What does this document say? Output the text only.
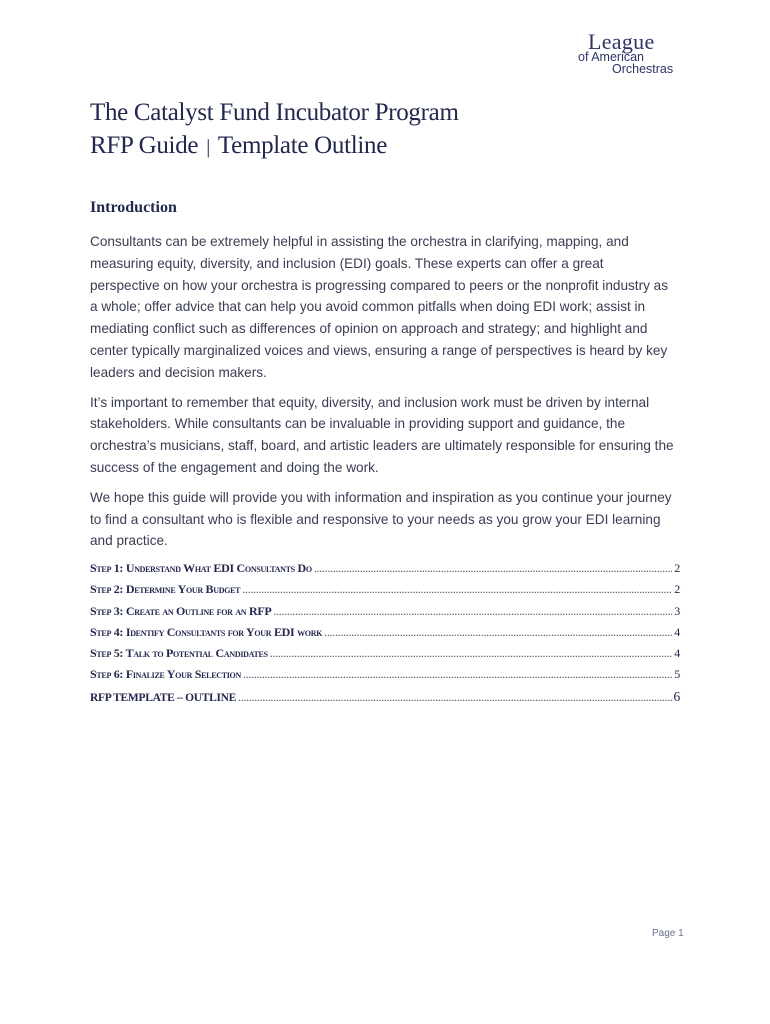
League
of American
Orchestras
The Catalyst Fund Incubator Program
RFP Guide | Template Outline
Introduction

Consultants can be extremely helpful in assisting the orchestra in clarifying, mapping, and measuring equity, diversity, and inclusion (EDI) goals. These experts can offer a great perspective on how your orchestra is progressing compared to peers or the nonprofit industry as a whole; offer advice that can help you avoid common pitfalls when doing EDI work; assist in mediating conflict such as differences of opinion on approach and strategy; and highlight and center typically marginalized voices and views, ensuring a range of perspectives is heard by key leaders and decision makers.

It’s important to remember that equity, diversity, and inclusion work must be driven by internal stakeholders. While consultants can be invaluable in providing support and guidance, the orchestra’s musicians, staff, board, and artistic leaders are ultimately responsible for ensuring the success of the engagement and doing the work.

We hope this guide will provide you with information and inspiration as you continue your journey to find a consultant who is flexible and responsive to your needs as you grow your EDI learning and practice.

Step 1: Understand What EDI Consultants Do .....	2
Step 2: Determine Your Budget .....	2
Step 3: Create an Outline for an RFP .....	3
Step 4: Identify Consultants for Your EDI work .....	4
Step 5: Talk to Potential Candidates .....	4
Step 6: Finalize Your Selection .....	5
RFP TEMPLATE – OUTLINE .....	6
Page 1
